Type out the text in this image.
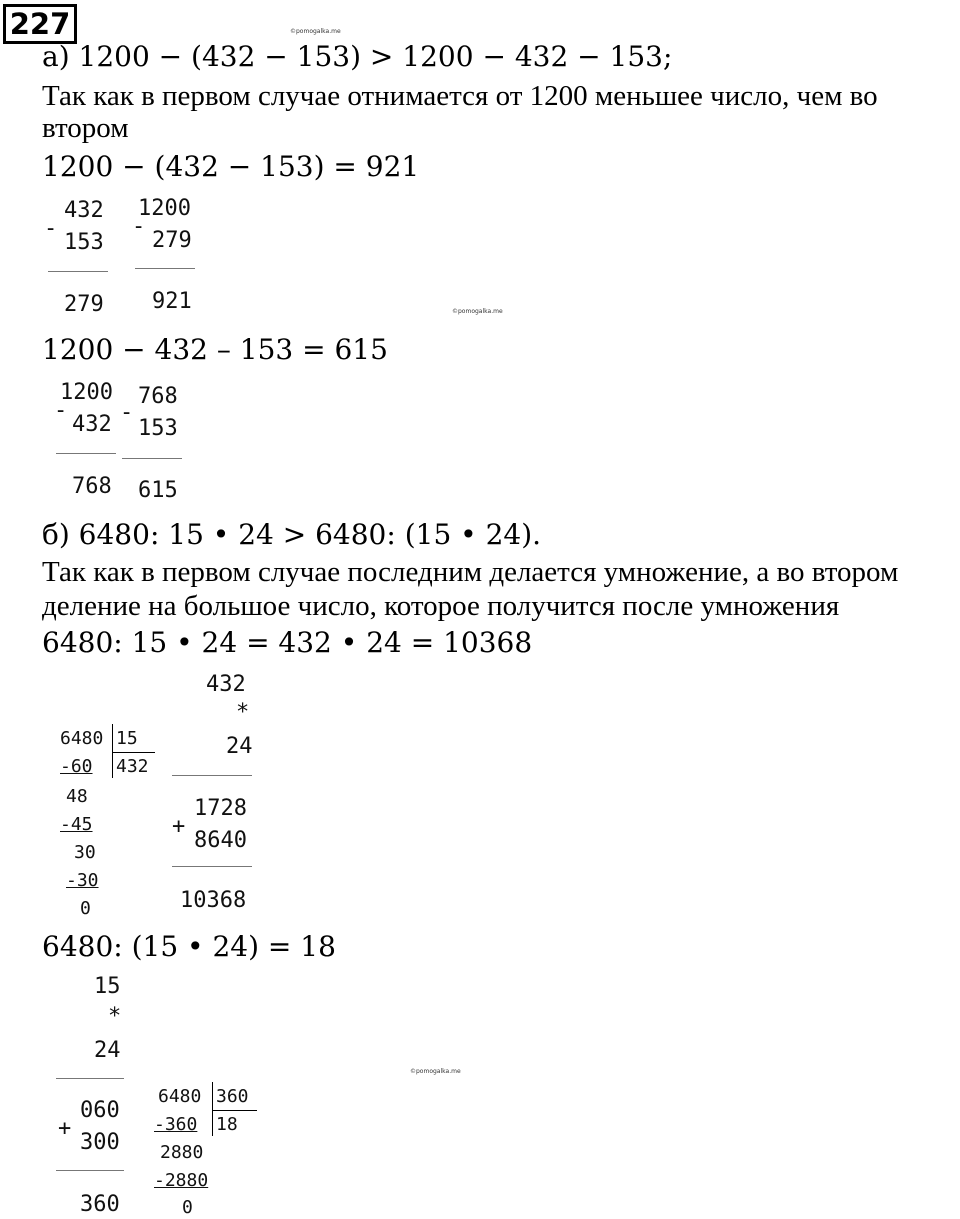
227	©pomogalka.me
а) 1200 − (432 − 153) > 1200 − 432 − 153;
Так как в первом случае отнимается от 1200 меньшее число, чем во
втором
1200 − (432 − 153) = 921
432
-
153
279
1200
-
279
921	©pomogalka.me
1200 − 432 – 153 = 615
1200
-
432
768
768
-
153
615
б) 6480: 15 • 24 > 6480: (15 • 24).
Так как в первом случае последним делается умножение, а во втором
деление на большое число, которое получится после умножения
6480: 15 • 24 = 432 • 24 = 10368
6480 15
432
-60
48
-45
30
-30
0
432
*
24
1728
+
8640
10368
6480: (15 • 24) = 18
15
*
24
060
+
300
360
©pomogalka.me
6480 360
18
-360
2880
-2880
0
